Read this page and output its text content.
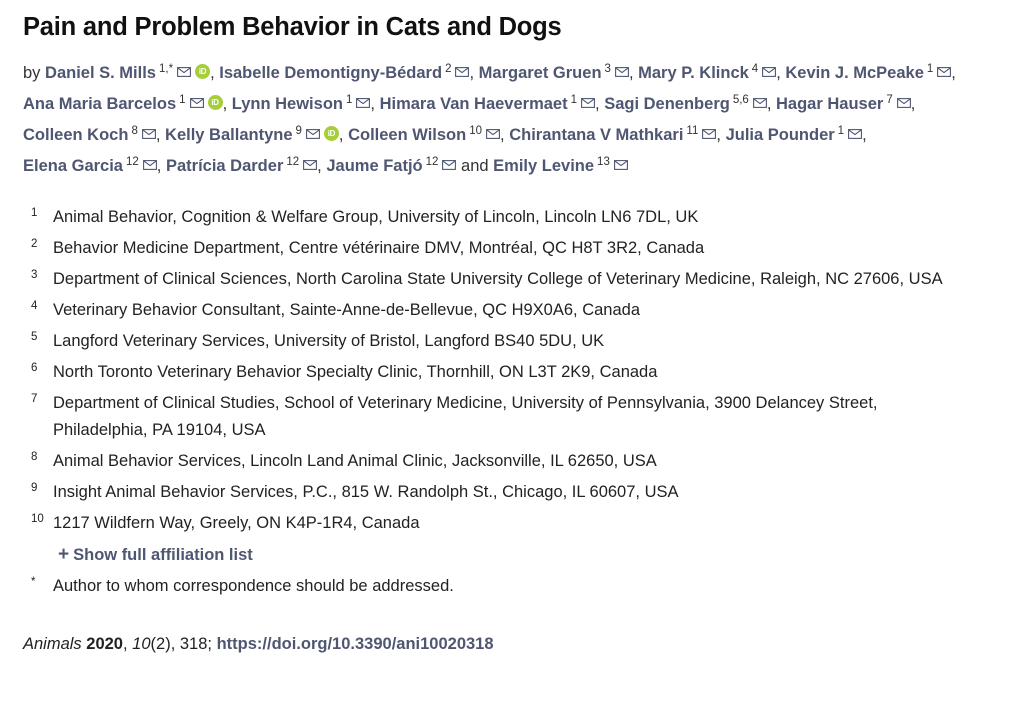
Pain and Problem Behavior in Cats and Dogs
by Daniel S. Mills $^{1,*}$	iD , Isabelle Demontigny-Bédard $^2$ , Margaret Gruen $^3$ , Mary P. Klinck $^4$ , Kevin J. McPeake $^1$ , Ana Maria Barcelos $^1$	iD , Lynn Hewison $^1$ , Himara Van Haevermaet $^1$ , Sagi Denenberg $^{5,6}$ , Hagar Hauser $^7$ , Colleen Koch $^8$ , Kelly Ballantyne $^9$	iD , Colleen Wilson $^{10}$ , Chirantana V Mathkari $^{11}$ , Julia Pounder $^1$ , Elena Garcia $^{12}$ , Patrícia Darder $^{12}$ , Jaume Fatjó $^{12}$ and Emily Levine $^{13}$
1 Animal Behavior, Cognition & Welfare Group, University of Lincoln, Lincoln LN6 7DL, UK
2 Behavior Medicine Department, Centre vétérinaire DMV, Montréal, QC H8T 3R2, Canada
3 Department of Clinical Sciences, North Carolina State University College of Veterinary Medicine, Raleigh, NC 27606, USA
4 Veterinary Behavior Consultant, Sainte-Anne-de-Bellevue, QC H9X0A6, Canada
5 Langford Veterinary Services, University of Bristol, Langford BS40 5DU, UK
6 North Toronto Veterinary Behavior Specialty Clinic, Thornhill, ON L3T 2K9, Canada
7 Department of Clinical Studies, School of Veterinary Medicine, University of Pennsylvania, 3900 Delancey Street, Philadelphia, PA 19104, USA
8 Animal Behavior Services, Lincoln Land Animal Clinic, Jacksonville, IL 62650, USA
9 Insight Animal Behavior Services, P.C., 815 W. Randolph St., Chicago, IL 60607, USA
10 1217 Wildfern Way, Greely, ON K4P-1R4, Canada
+ Show full affiliation list
*	Author to whom correspondence should be addressed.
Animals 2020, 10(2), 318; https://doi.org/10.3390/ani10020318
